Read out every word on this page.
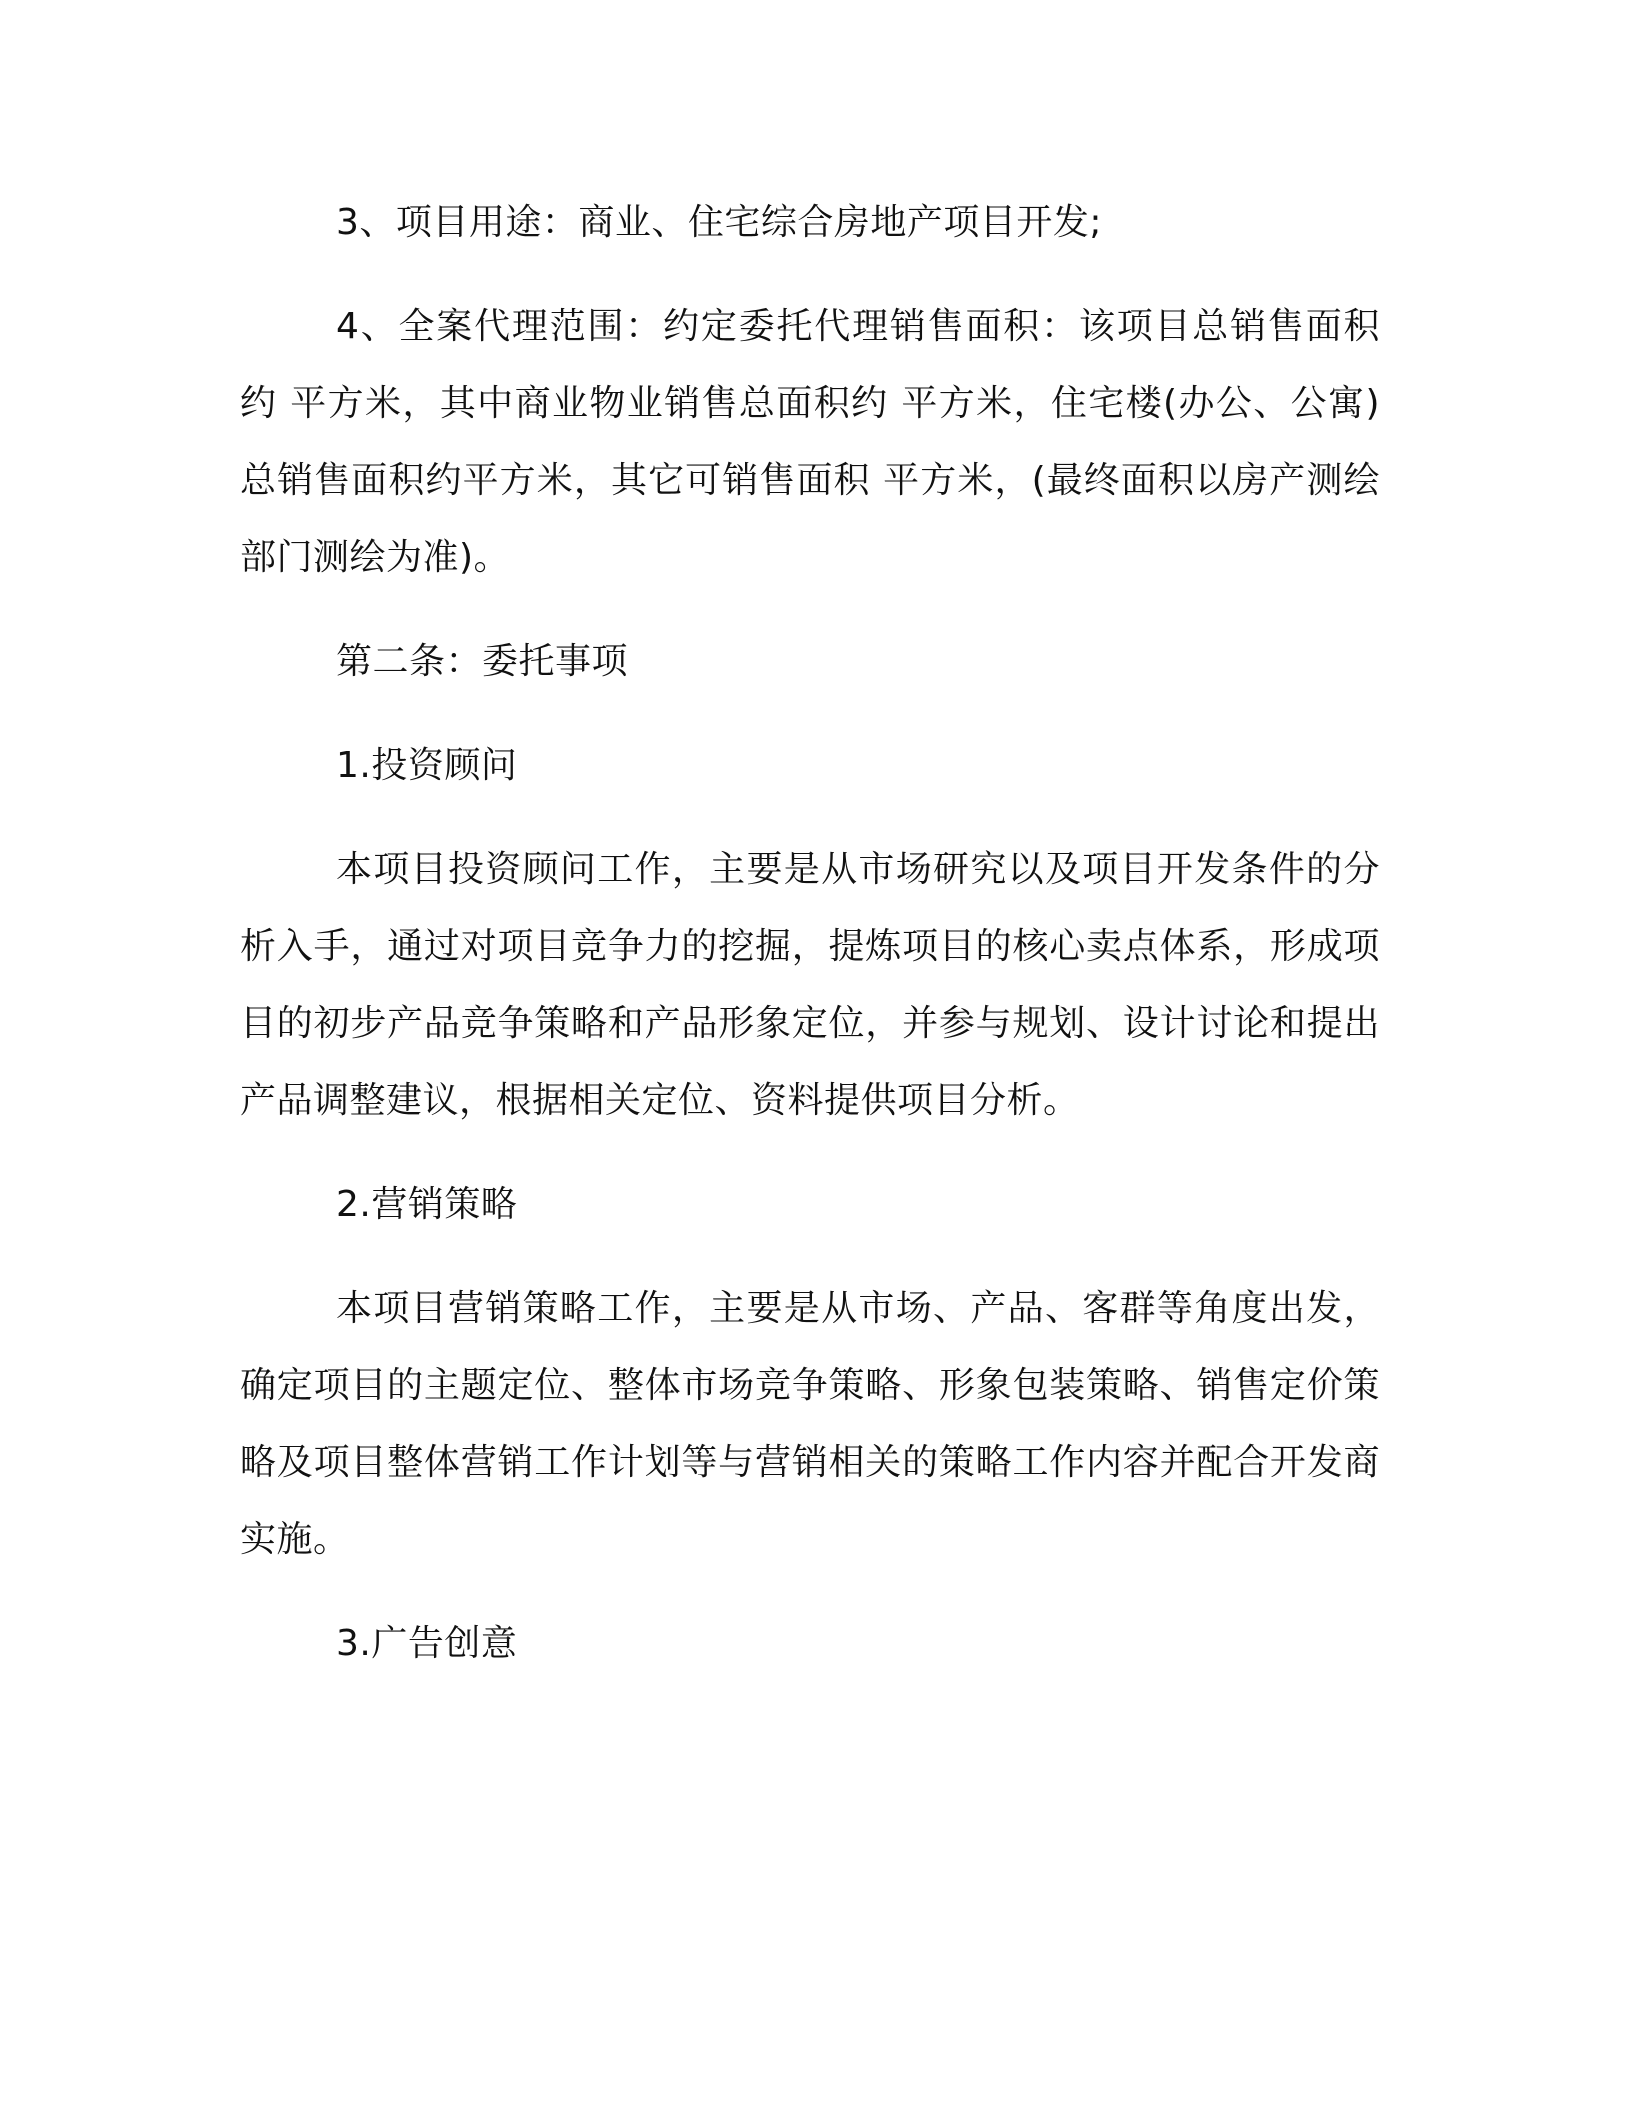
3、项目用途：商业、住宅综合房地产项目开发;

4、全案代理范围：约定委托代理销售面积：该项目总销售面积约 平方米，其中商业物业销售总面积约 平方米，住宅楼(办公、公寓)总销售面积约平方米，其它可销售面积 平方米，(最终面积以房产测绘部门测绘为准)。

第二条：委托事项

1.投资顾问

本项目投资顾问工作，主要是从市场研究以及项目开发条件的分析入手，通过对项目竞争力的挖掘，提炼项目的核心卖点体系，形成项目的初步产品竞争策略和产品形象定位，并参与规划、设计讨论和提出产品调整建议，根据相关定位、资料提供项目分析。

2.营销策略

本项目营销策略工作，主要是从市场、产品、客群等角度出发，确定项目的主题定位、整体市场竞争策略、形象包装策略、销售定价策略及项目整体营销工作计划等与营销相关的策略工作内容并配合开发商实施。

3.广告创意
